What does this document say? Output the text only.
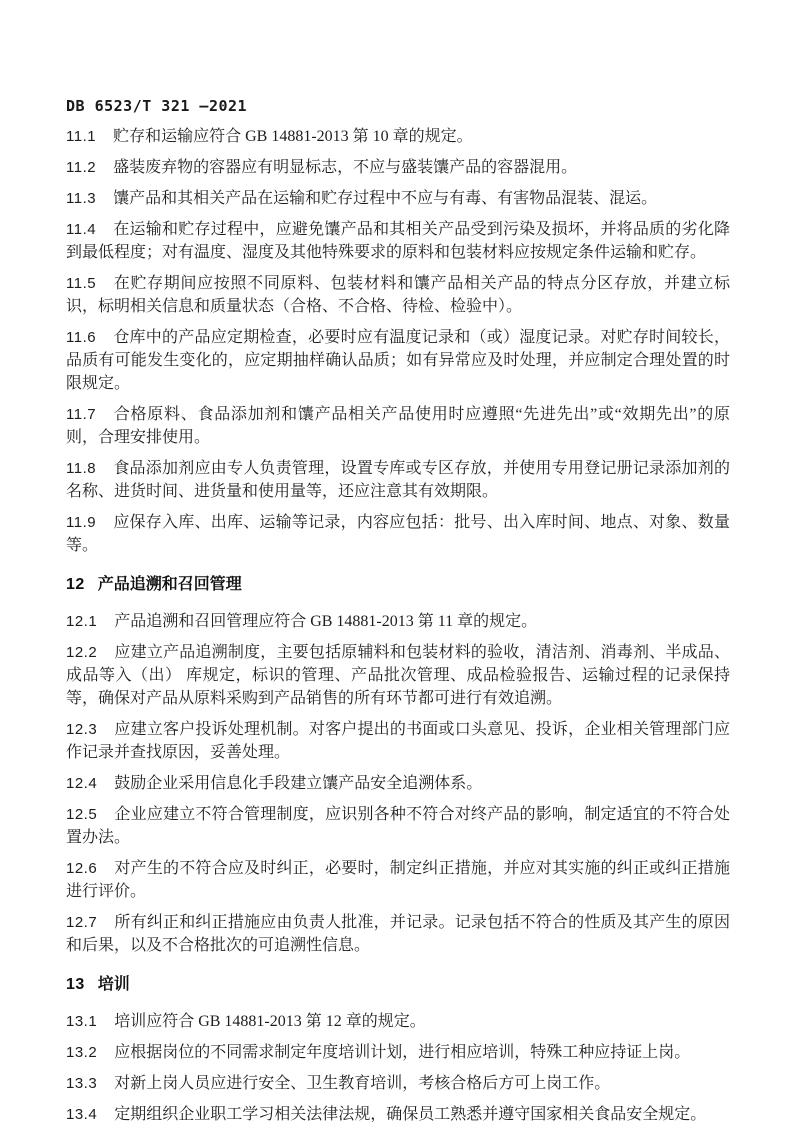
DB 6523/T 321 —2021

11.1 贮存和运输应符合 GB 14881-2013 第 10 章的规定。

11.2 盛装废弃物的容器应有明显标志，不应与盛装馕产品的容器混用。

11.3 馕产品和其相关产品在运输和贮存过程中不应与有毒、有害物品混装、混运。

11.4 在运输和贮存过程中，应避免馕产品和其相关产品受到污染及损坏，并将品质的劣化降到最低程度；对有温度、湿度及其他特殊要求的原料和包装材料应按规定条件运输和贮存。

11.5 在贮存期间应按照不同原料、包装材料和馕产品相关产品的特点分区存放，并建立标识，标明相关信息和质量状态（合格、不合格、待检、检验中）。

11.6 仓库中的产品应定期检查，必要时应有温度记录和（或）湿度记录。对贮存时间较长，品质有可能发生变化的，应定期抽样确认品质；如有异常应及时处理，并应制定合理处置的时限规定。

11.7 合格原料、食品添加剂和馕产品相关产品使用时应遵照“先进先出”或“效期先出”的原则，合理安排使用。

11.8 食品添加剂应由专人负责管理，设置专库或专区存放，并使用专用登记册记录添加剂的名称、进货时间、进货量和使用量等，还应注意其有效期限。

11.9 应保存入库、出库、运输等记录，内容应包括：批号、出入库时间、地点、对象、数量等。

12 产品追溯和召回管理

12.1 产品追溯和召回管理应符合 GB 14881-2013 第 11 章的规定。

12.2 应建立产品追溯制度，主要包括原辅料和包装材料的验收，清洁剂、消毒剂、半成品、成品等入（出） 库规定，标识的管理、产品批次管理、成品检验报告、运输过程的记录保持等，确保对产品从原料采购到产品销售的所有环节都可进行有效追溯。

12.3 应建立客户投诉处理机制。对客户提出的书面或口头意见、投诉，企业相关管理部门应作记录并查找原因，妥善处理。

12.4 鼓励企业采用信息化手段建立馕产品安全追溯体系。

12.5 企业应建立不符合管理制度，应识别各种不符合对终产品的影响，制定适宜的不符合处置办法。

12.6 对产生的不符合应及时纠正，必要时，制定纠正措施，并应对其实施的纠正或纠正措施进行评价。

12.7 所有纠正和纠正措施应由负责人批准，并记录。记录包括不符合的性质及其产生的原因和后果，以及不合格批次的可追溯性信息。

13 培训

13.1 培训应符合 GB 14881-2013 第 12 章的规定。

13.2 应根据岗位的不同需求制定年度培训计划，进行相应培训，特殊工种应持证上岗。

13.3 对新上岗人员应进行安全、卫生教育培训，考核合格后方可上岗工作。

13.4 定期组织企业职工学习相关法律法规，确保员工熟悉并遵守国家相关食品安全规定。
